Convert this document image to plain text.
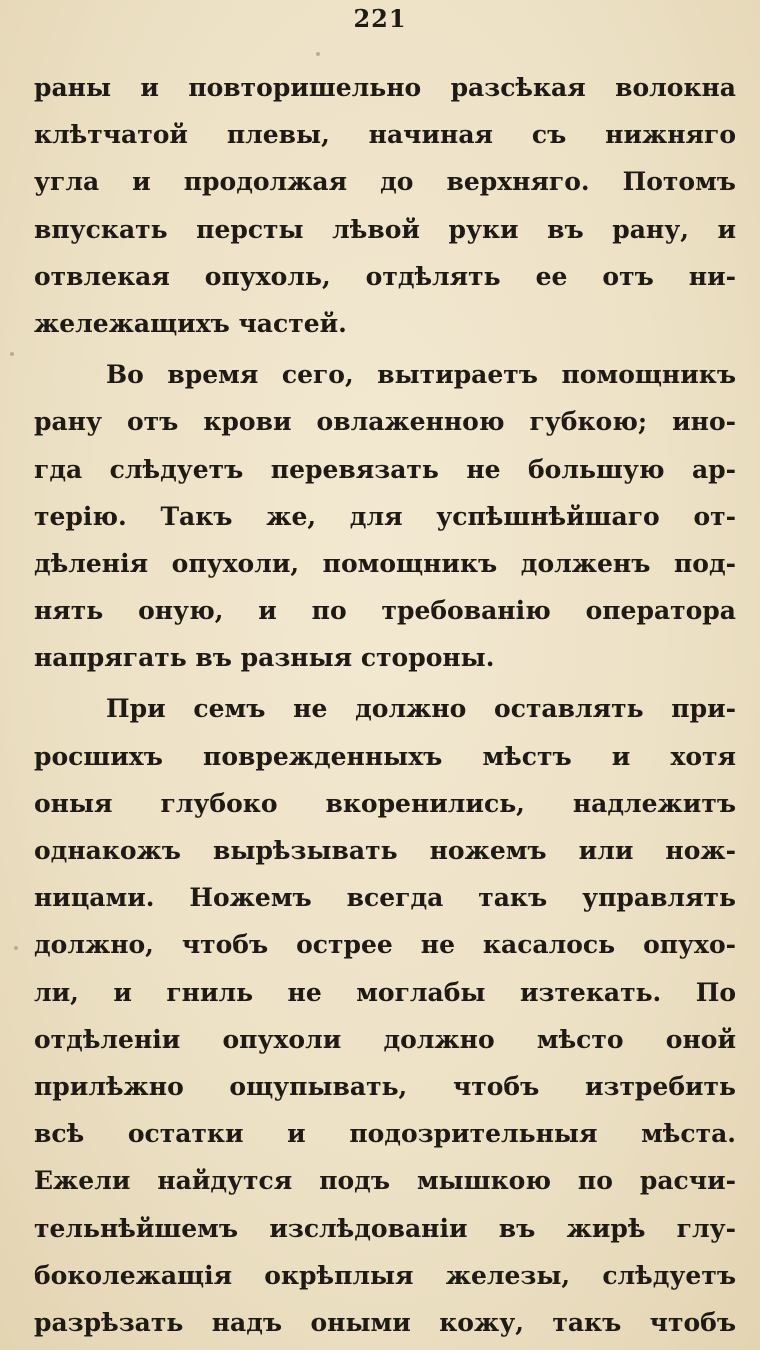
221
раны и повторишельно разсѣкая волокна
клѣтчатой плевы, начиная съ нижняго
угла и продолжая до верхняго. Потомъ
впускать персты лѣвой руки въ рану, и
отвлекая опухоль, отдѣлять ее отъ ни-
жележащихъ частей.
Во время сего, вытираетъ помощникъ
рану отъ крови овлаженною губкою; ино-
гда слѣдуетъ перевязать не большую ар-
терію. Такъ же, для успѣшнѣйшаго от-
дѣленія опухоли, помощникъ долженъ под-
нять оную, и по требованію оператора
напрягать въ разныя стороны.
При семъ не должно оставлять при-
росшихъ поврежденныхъ мѣстъ и хотя
оныя глубоко вкоренились, надлежитъ
однакожъ вырѣзывать ножемъ или нож-
ницами. Ножемъ всегда такъ управлять
должно, чтобъ острее не касалось опухо-
ли, и гниль не моглабы изтекать. По
отдѣленіи опухоли должно мѣсто оной
прилѣжно ощупывать, чтобъ изтребить
всѣ остатки и подозрительныя мѣста.
Ежели найдутся подъ мышкою по расчи-
тельнѣйшемъ изслѣдованіи въ жирѣ глу-
боколежащія окрѣплыя железы, слѣдуетъ
разрѣзать надъ оными кожу, такъ чтобъ
